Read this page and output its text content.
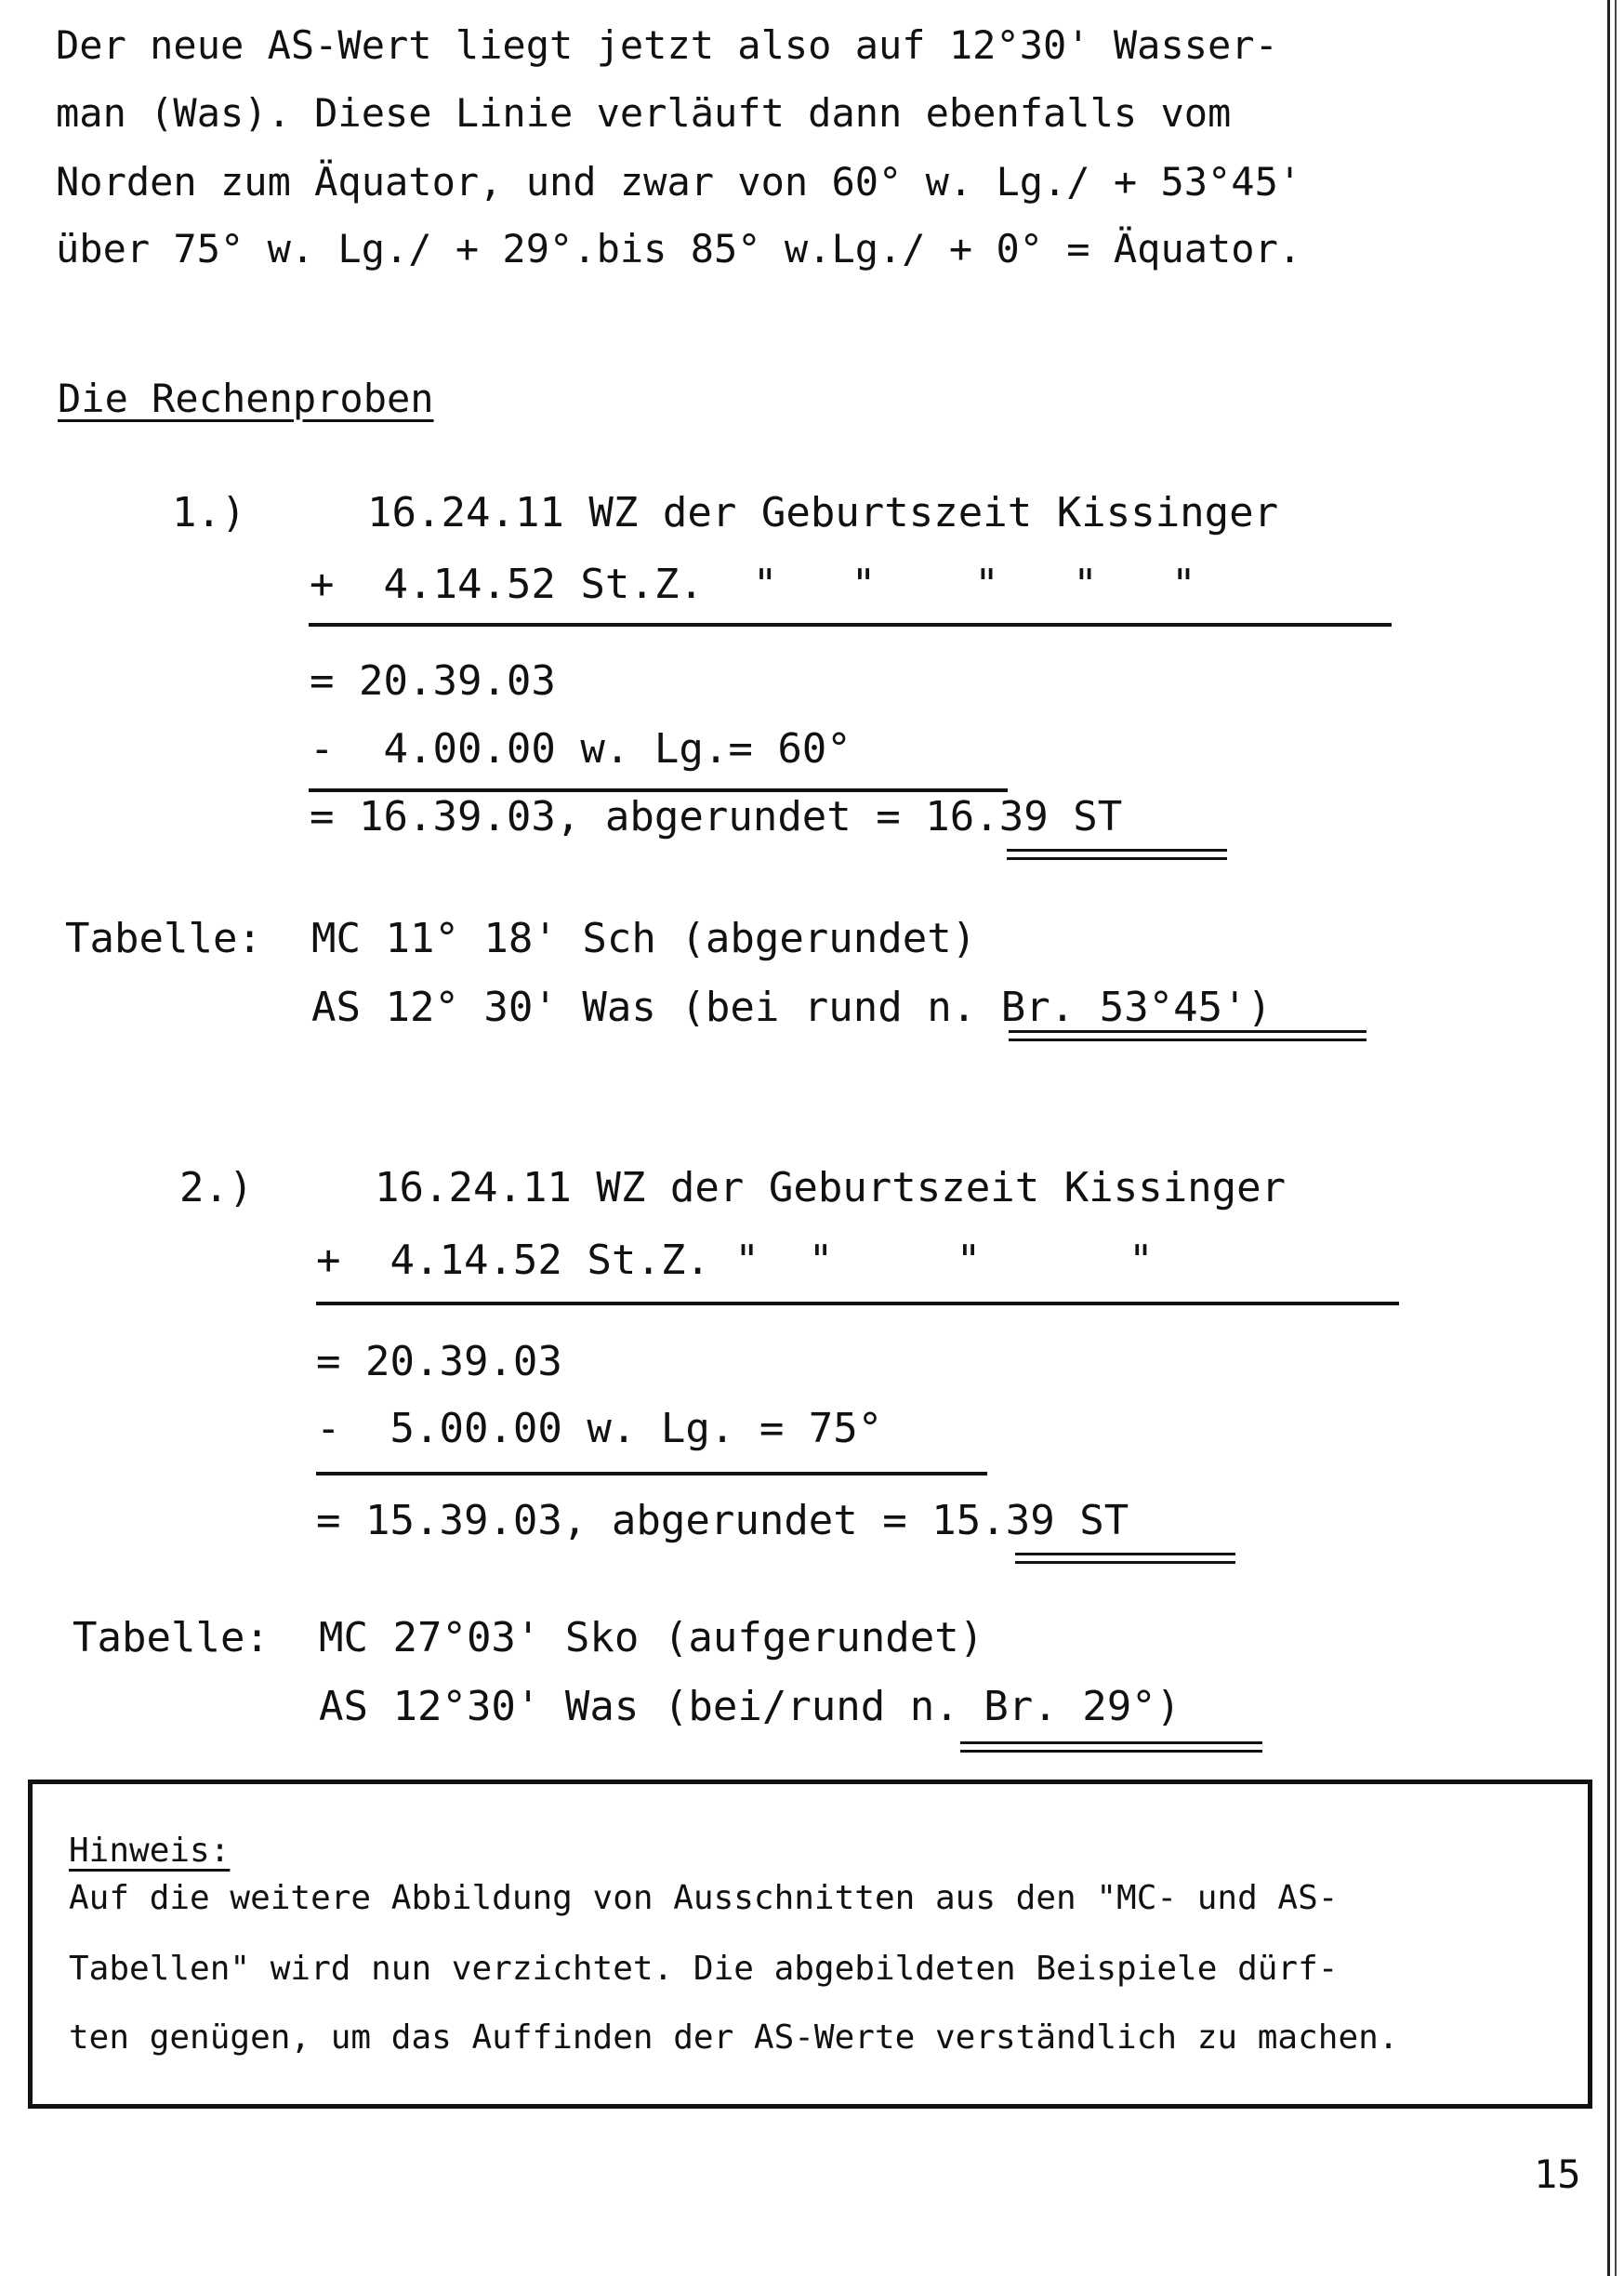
Der neue AS-Wert liegt jetzt also auf 12°30' Wasser-
man (Was). Diese Linie verläuft dann ebenfalls vom
Norden zum Äquator, und zwar von 60° w. Lg./ + 53°45'
über 75° w. Lg./ + 29°.bis 85° w.Lg./ + 0° = Äquator.
Die Rechenproben
1.)	16.24.11 WZ der Geburtszeit Kissinger
+  4.14.52 St.Z.  "   "    "   "   "
= 20.39.03
-  4.00.00 w. Lg.= 60°
= 16.39.03, abgerundet = 16.39 ST
Tabelle: MC 11° 18' Sch (abgerundet)
AS 12° 30' Was (bei rund n. Br. 53°45')
2.)	16.24.11 WZ der Geburtszeit Kissinger
+  4.14.52 St.Z. "  "     "      "
= 20.39.03
-  5.00.00 w. Lg. = 75°
= 15.39.03, abgerundet = 15.39 ST
Tabelle: MC 27°03' Sko (aufgerundet)
AS 12°30' Was (bei/rund n. Br. 29°)
Hinweis:
Auf die weitere Abbildung von Ausschnitten aus den "MC- und AS-
Tabellen" wird nun verzichtet. Die abgebildeten Beispiele dürf-
ten genügen, um das Auffinden der AS-Werte verständlich zu machen.
15
